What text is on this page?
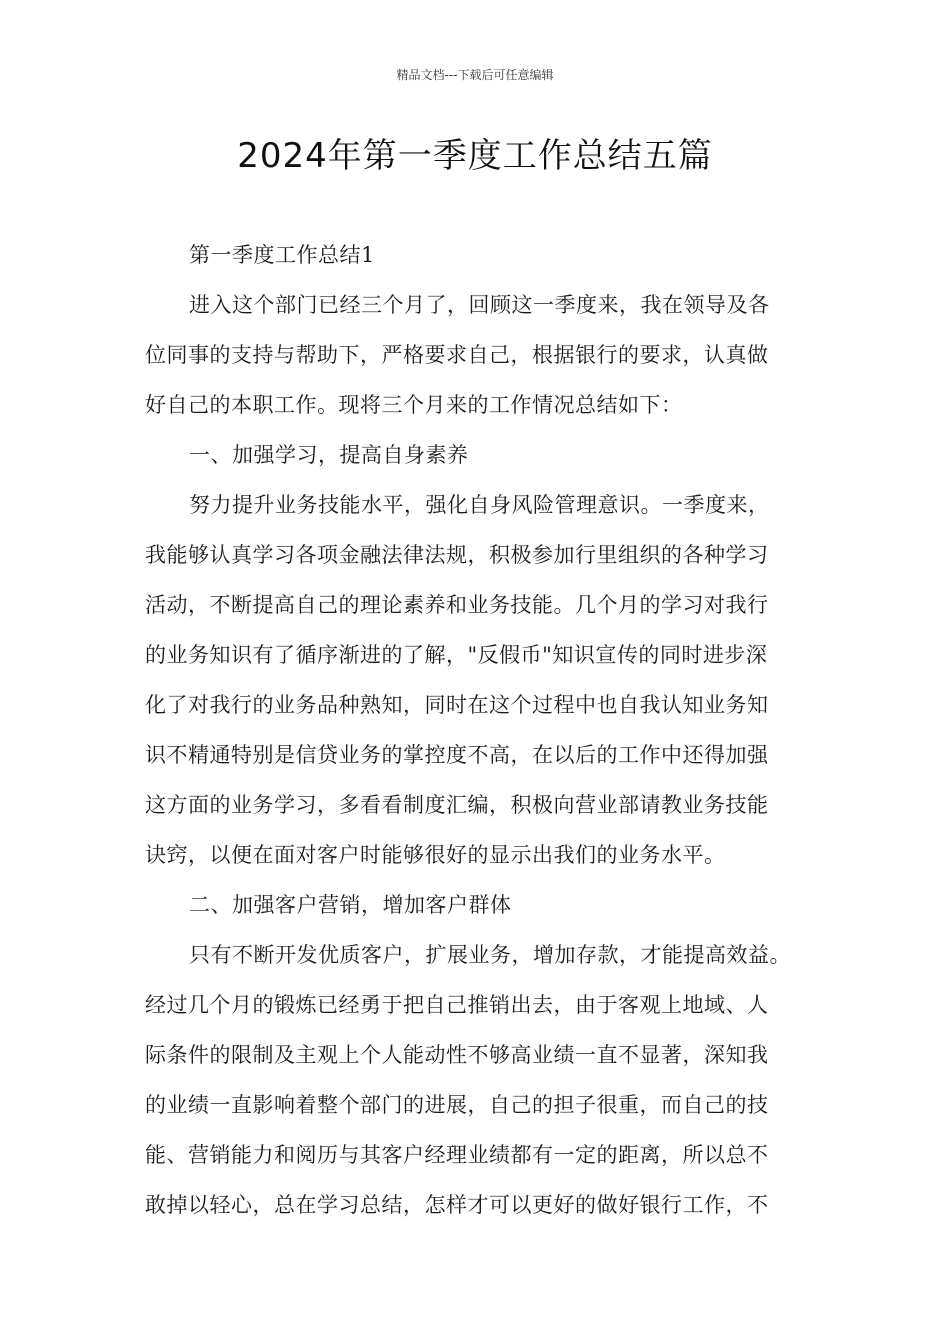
精品文档---下载后可任意编辑
2024年第一季度工作总结五篇
第一季度工作总结1
进入这个部门已经三个月了，回顾这一季度来，我在领导及各
位同事的支持与帮助下，严格要求自己，根据银行的要求，认真做
好自己的本职工作。现将三个月来的工作情况总结如下：
一、加强学习，提高自身素养
努力提升业务技能水平，强化自身风险管理意识。一季度来，
我能够认真学习各项金融法律法规，积极参加行里组织的各种学习
活动，不断提高自己的理论素养和业务技能。几个月的学习对我行
的业务知识有了循序渐进的了解，"反假币"知识宣传的同时进步深
化了对我行的业务品种熟知，同时在这个过程中也自我认知业务知
识不精通特别是信贷业务的掌控度不高，在以后的工作中还得加强
这方面的业务学习，多看看制度汇编，积极向营业部请教业务技能
诀窍，以便在面对客户时能够很好的显示出我们的业务水平。
二、加强客户营销，增加客户群体
只有不断开发优质客户，扩展业务，增加存款，才能提高效益。
经过几个月的锻炼已经勇于把自己推销出去，由于客观上地域、人
际条件的限制及主观上个人能动性不够高业绩一直不显著，深知我
的业绩一直影响着整个部门的进展，自己的担子很重，而自己的技
能、营销能力和阅历与其客户经理业绩都有一定的距离，所以总不
敢掉以轻心，总在学习总结，怎样才可以更好的做好银行工作，不
